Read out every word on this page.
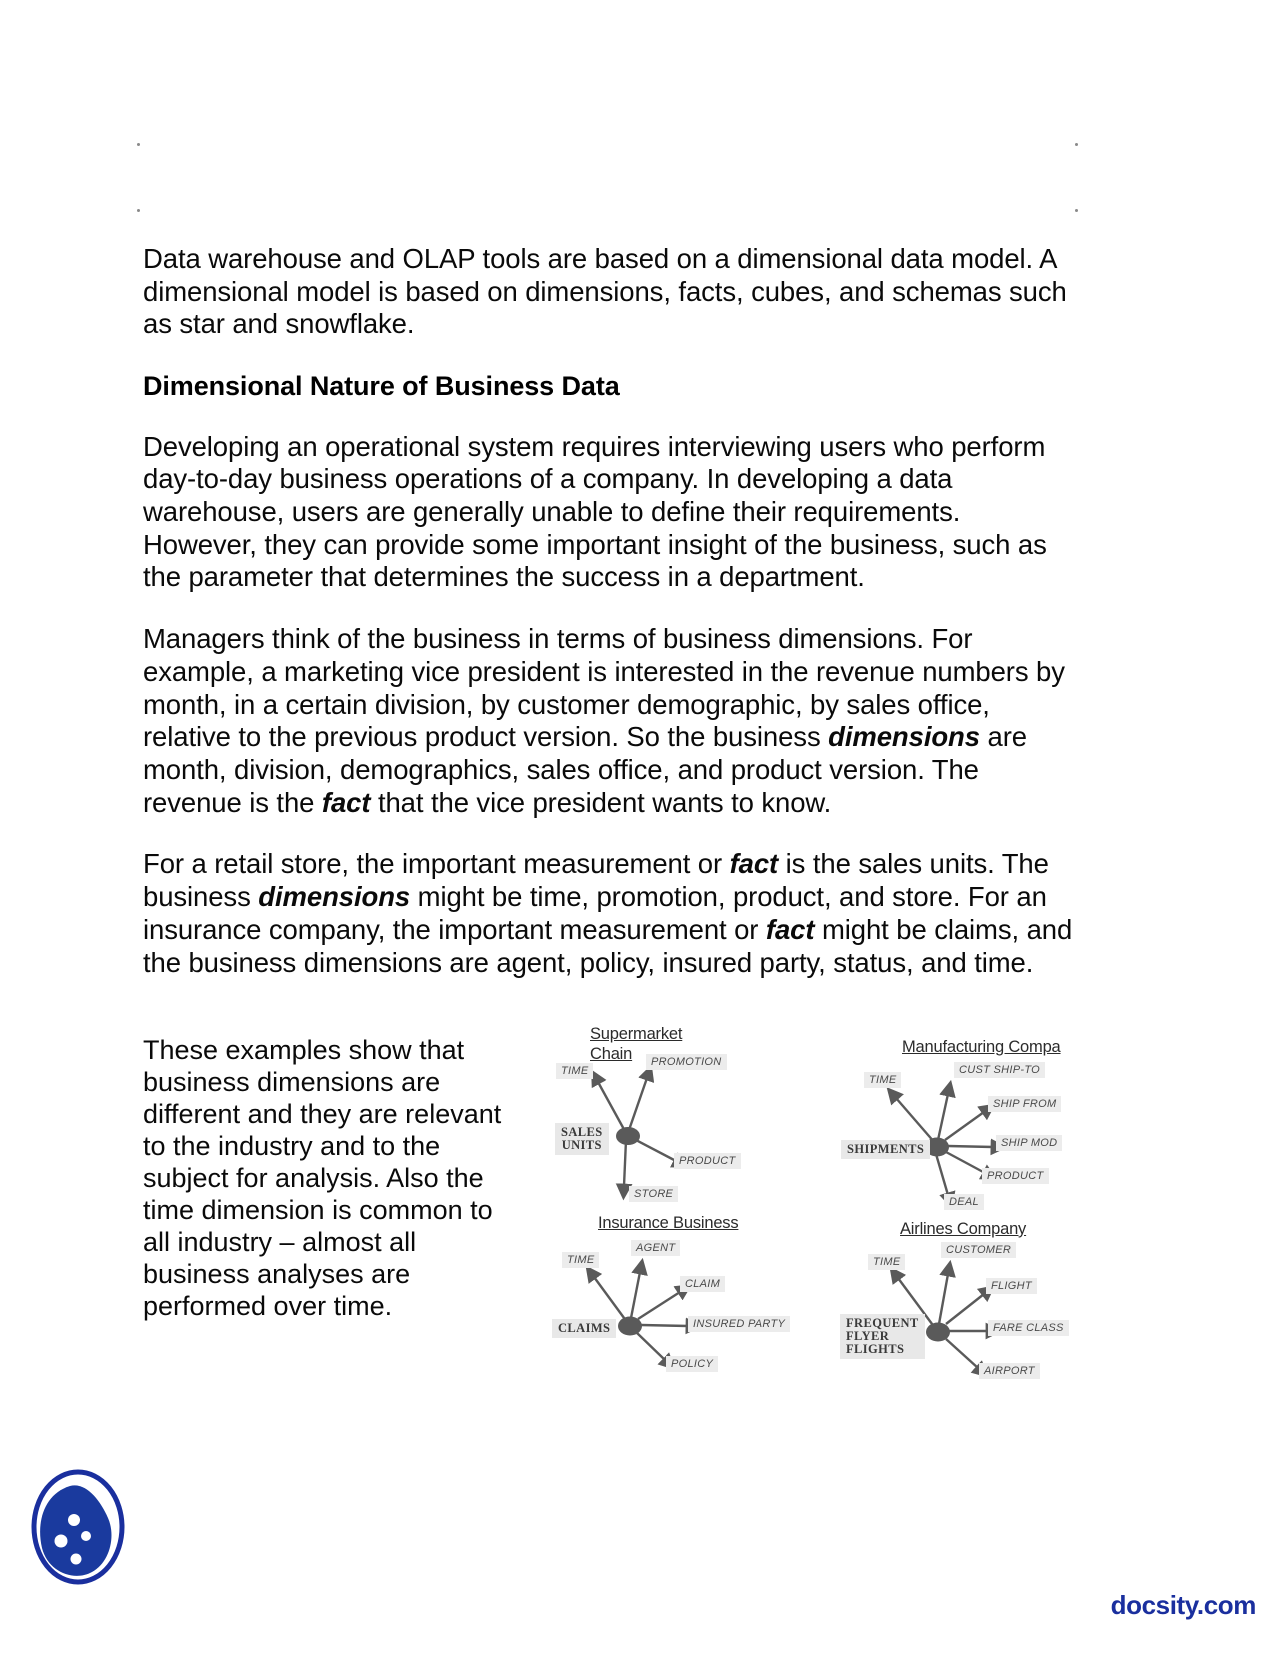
Data warehouse and OLAP tools are based on a dimensional data model. A dimensional model is based on dimensions, facts, cubes, and schemas such as star and snowflake.

Dimensional Nature of Business Data

Developing an operational system requires interviewing users who perform day-to-day business operations of a company. In developing a data warehouse, users are generally unable to define their requirements. However, they can provide some important insight of the business, such as the parameter that determines the success in a department.

Managers think of the business in terms of business dimensions. For example, a marketing vice president is interested in the revenue numbers by month, in a certain division, by customer demographic, by sales office, relative to the previous product version. So the business dimensions are month, division, demographics, sales office, and product version. The revenue is the fact that the vice president wants to know.

For a retail store, the important measurement or fact is the sales units. The business dimensions might be time, promotion, product, and store. For an insurance company, the important measurement or fact might be claims, and the business dimensions are agent, policy, insured party, status, and time.

These examples show that business dimensions are different and they are relevant to the industry and to the subject for analysis. Also the time dimension is common to all industry – almost all business analyses are performed over time.

Supermarket Chain
SALES
UNITS
TIME
PROMOTION
PRODUCT
STORE
Manufacturing Compa
SHIPMENTS
TIME
CUST SHIP-TO
SHIP FROM
SHIP MOD
PRODUCT
DEAL
Insurance Business
CLAIMS
TIME
AGENT
CLAIM
INSURED PARTY
POLICY
Airlines Company
FREQUENT
FLYER
FLIGHTS
TIME
CUSTOMER
FLIGHT
FARE CLASS
AIRPORT
docsity.com
